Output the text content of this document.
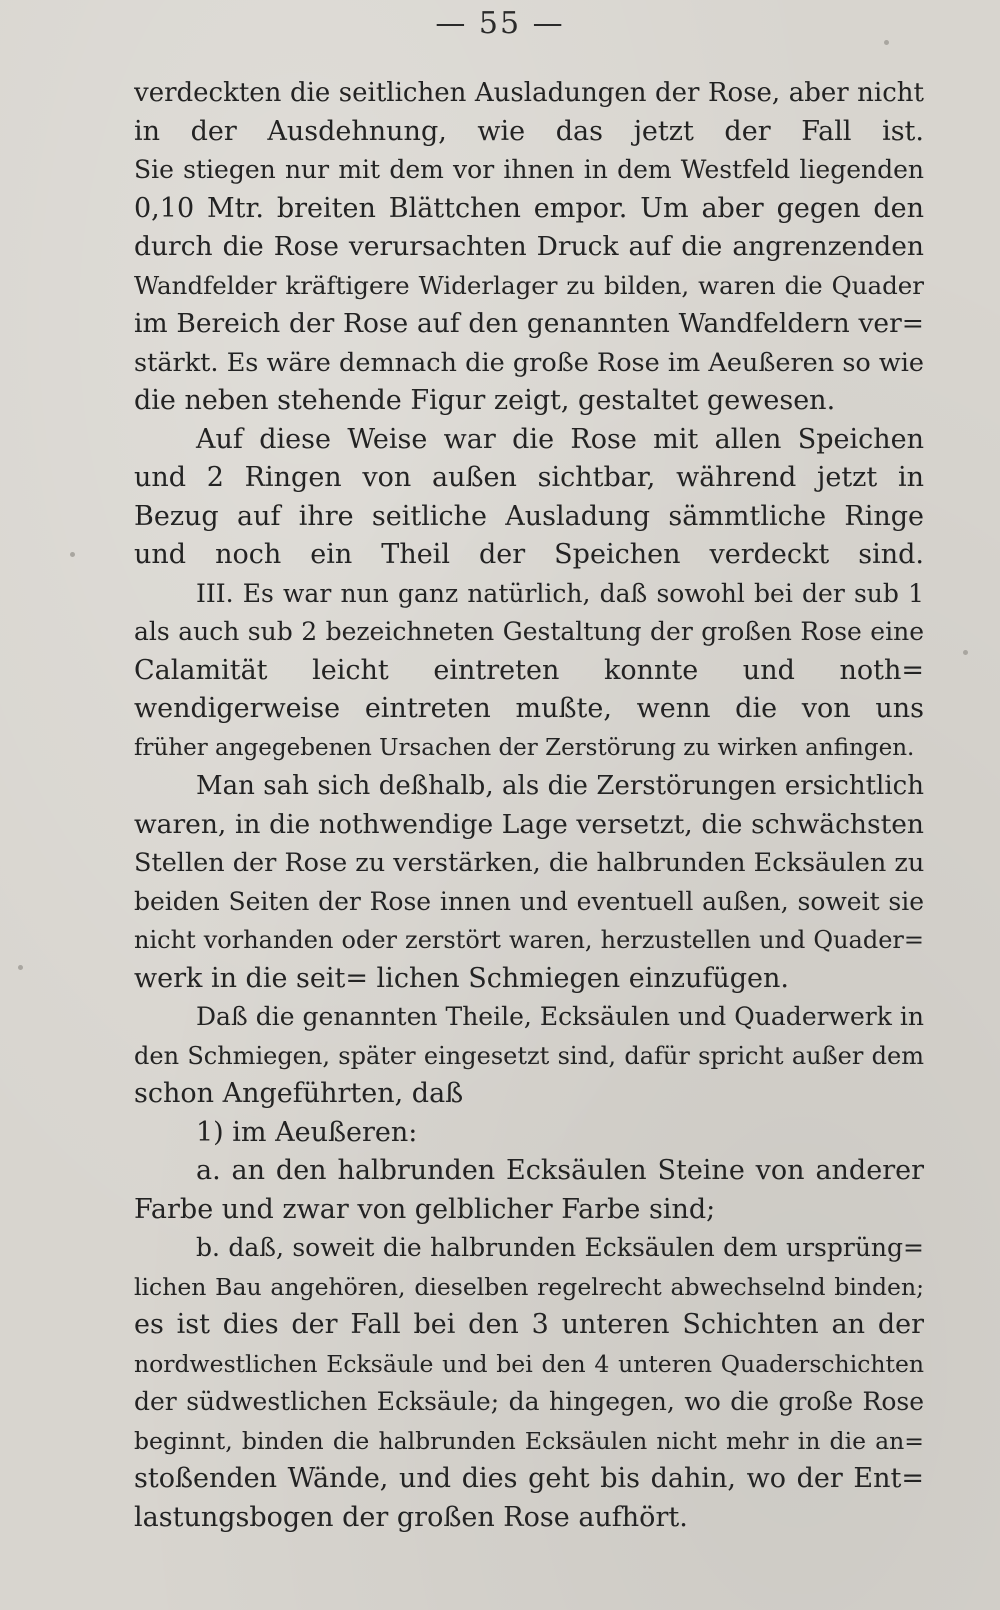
— 55 —
verdeckten die seitlichen Ausladungen der Rose, aber nicht
in der Ausdehnung, wie das jetzt der Fall ist.
Sie stiegen nur mit dem vor ihnen in dem Westfeld liegenden
0,10 Mtr. breiten Blättchen empor. Um aber gegen den
durch die Rose verursachten Druck auf die angrenzenden
Wandfelder kräftigere Widerlager zu bilden, waren die Quader
im Bereich der Rose auf den genannten Wandfeldern ver=
stärkt. Es wäre demnach die große Rose im Aeußeren so wie
die neben stehende Figur zeigt, gestaltet gewesen.
Auf diese Weise war die Rose mit allen Speichen
und 2 Ringen von außen sichtbar, während jetzt in
Bezug auf ihre seitliche Ausladung sämmtliche Ringe
und noch ein Theil der Speichen verdeckt sind.
III. Es war nun ganz natürlich, daß sowohl bei der sub 1
als auch sub 2 bezeichneten Gestaltung der großen Rose eine
Calamität leicht eintreten konnte und noth=
wendigerweise eintreten mußte, wenn die von uns
früher angegebenen Ursachen der Zerstörung zu wirken anfingen.
Man sah sich deßhalb, als die Zerstörungen ersichtlich
waren, in die nothwendige Lage versetzt, die schwächsten
Stellen der Rose zu verstärken, die halbrunden Ecksäulen zu
beiden Seiten der Rose innen und eventuell außen, soweit sie
nicht vorhanden oder zerstört waren, herzustellen und Quader=
werk in die seit= lichen Schmiegen einzufügen.
Daß die genannten Theile, Ecksäulen und Quaderwerk in
den Schmiegen, später eingesetzt sind, dafür spricht außer dem
schon Angeführten, daß
1) im Aeußeren:
a. an den halbrunden Ecksäulen Steine von anderer
Farbe und zwar von gelblicher Farbe sind;
b. daß, soweit die halbrunden Ecksäulen dem ursprüng=
lichen Bau angehören, dieselben regelrecht abwechselnd binden;
es ist dies der Fall bei den 3 unteren Schichten an der
nordwestlichen Ecksäule und bei den 4 unteren Quaderschichten
der südwestlichen Ecksäule; da hingegen, wo die große Rose
beginnt, binden die halbrunden Ecksäulen nicht mehr in die an=
stoßenden Wände, und dies geht bis dahin, wo der Ent=
lastungsbogen der großen Rose aufhört.
